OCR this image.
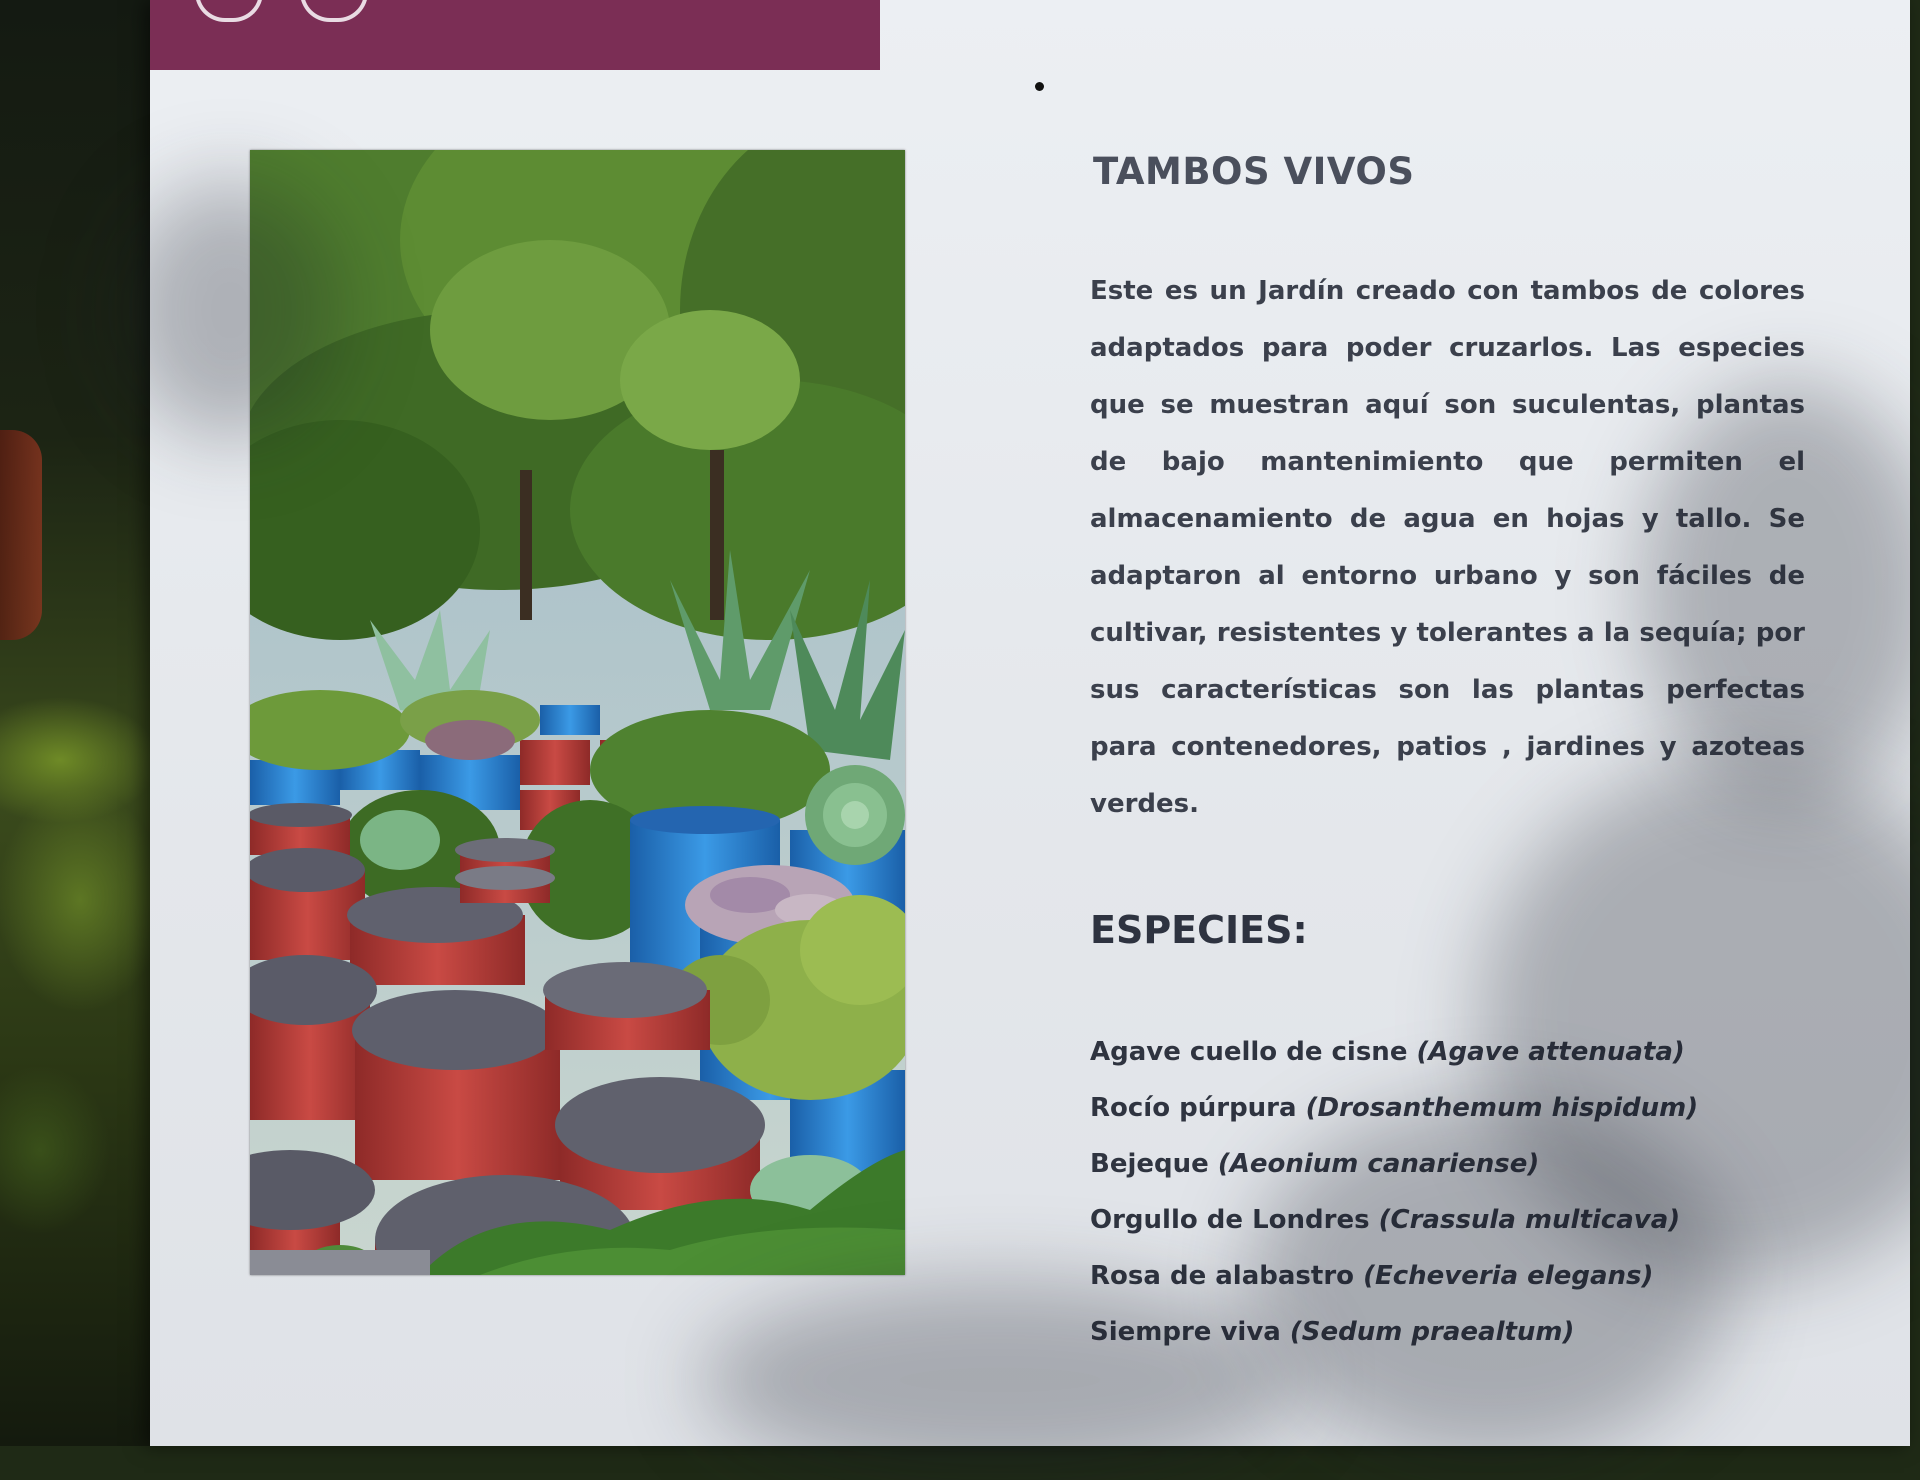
TAMBOS VIVOS

Este es un Jardín creado con tambos de colores adaptados para poder cruzarlos. Las especies que se muestran aquí son suculentas, plantas de bajo mantenimiento que permiten el almacenamiento de agua en hojas y tallo. Se adaptaron al entorno urbano y son fáciles de cultivar, resistentes y tolerantes a la sequía; por sus características son las plantas perfectas para contenedores, patios , jardines y azoteas verdes.

ESPECIES:
Agave cuello de cisne (Agave attenuata)
Rocío púrpura (Drosanthemum hispidum)
Bejeque (Aeonium canariense)
Orgullo de Londres (Crassula multicava)
Rosa de alabastro (Echeveria elegans)
Siempre viva (Sedum praealtum)
